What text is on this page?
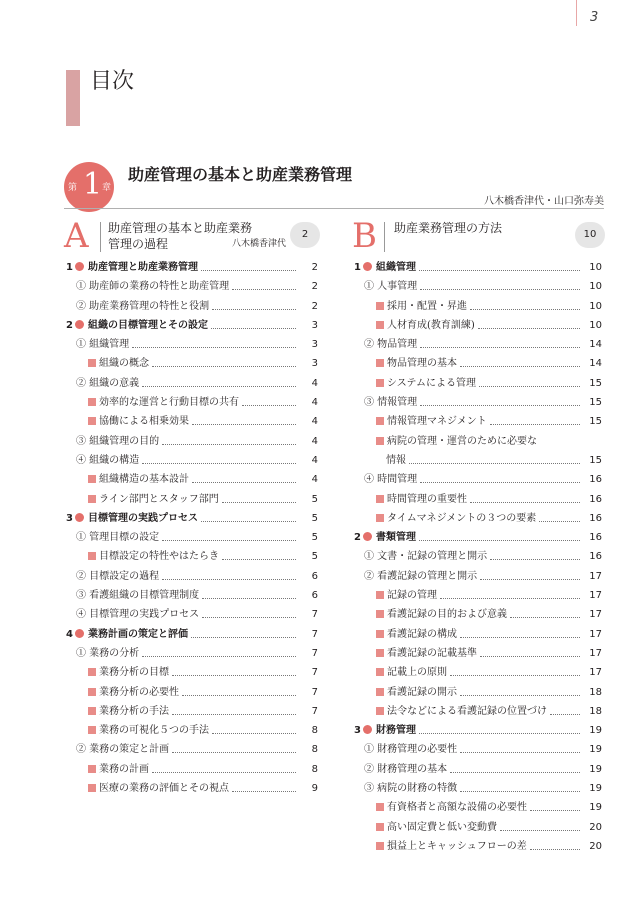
3
目次
第 1 章
助産管理の基本と助産業務管理
八木橋香津代・山口弥寿美
A 助産管理の基本と助産業務
管理の過程	八木橋香津代
2	B 助産業務管理の方法	10
1 助産管理と助産業務管理	2
① 助産師の業務の特性と助産管理	2
② 助産業務管理の特性と役割	2
2 組織の目標管理とその設定	3
① 組織管理	3
組織の概念	3
② 組織の意義	4
効率的な運営と行動目標の共有	4
協働による相乗効果	4
③ 組織管理の目的	4
④ 組織の構造	4
組織構造の基本設計	4
ライン部門とスタッフ部門	5
3 目標管理の実践プロセス	5
① 管理目標の設定	5
目標設定の特性やはたらき	5
② 目標設定の過程	6
③ 看護組織の目標管理制度	6
④ 目標管理の実践プロセス	7
4 業務計画の策定と評価	7
① 業務の分析	7
業務分析の目標	7
業務分析の必要性	7
業務分析の手法	7
業務の可視化５つの手法	8
② 業務の策定と計画	8
業務の計画	8
医療の業務の評価とその視点	9
1 組織管理	10
① 人事管理	10
採用・配置・昇進	10
人材育成(教育訓練)	10
② 物品管理	14
物品管理の基本	14
システムによる管理	15
③ 情報管理	15
情報管理マネジメント	15
病院の管理・運営のために必要な
情報	15
④ 時間管理	16
時間管理の重要性	16
タイムマネジメントの３つの要素	16
2 書類管理	16
① 文書・記録の管理と開示	16
② 看護記録の管理と開示	17
記録の管理	17
看護記録の目的および意義	17
看護記録の構成	17
看護記録の記載基準	17
記載上の原則	17
看護記録の開示	18
法令などによる看護記録の位置づけ	18
3 財務管理	19
① 財務管理の必要性	19
② 財務管理の基本	19
③ 病院の財務の特徴	19
有資格者と高額な設備の必要性	19
高い固定費と低い変動費	20
損益上とキャッシュフローの差	20
